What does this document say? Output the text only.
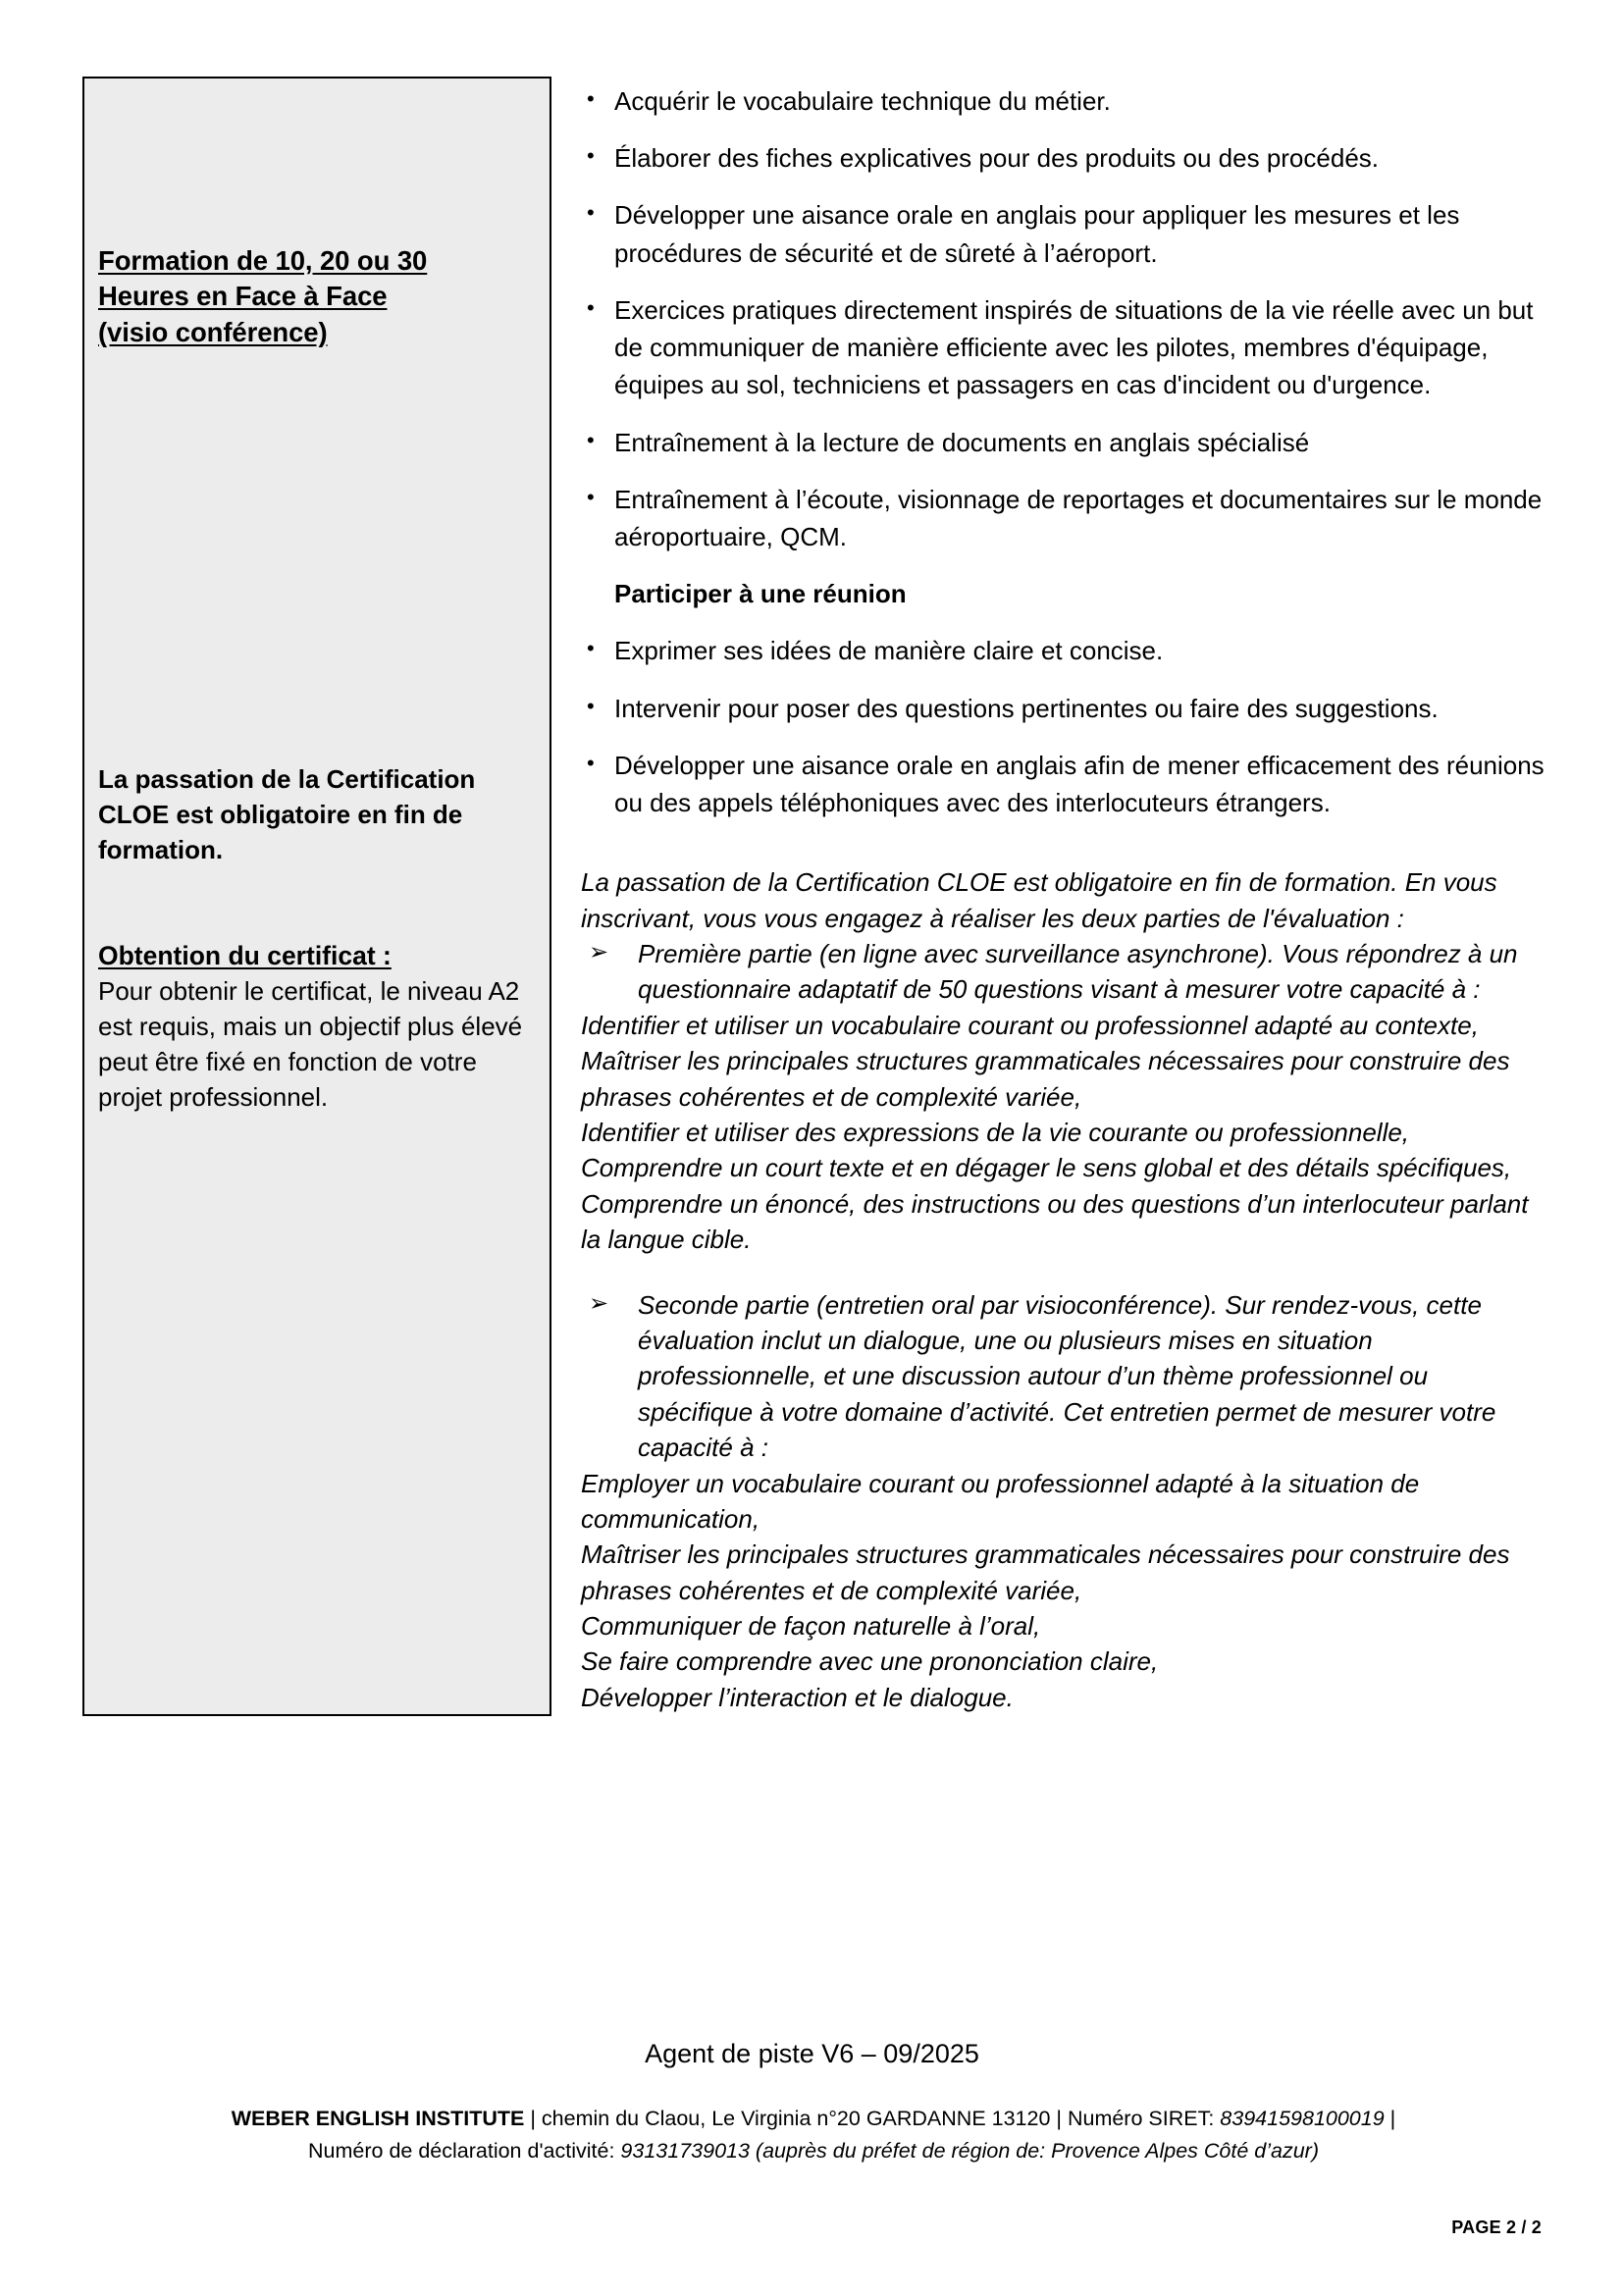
Formation de 10, 20 ou 30
Heures en Face à Face
(visio conférence)
La passation de la Certification CLOE est obligatoire en fin de formation.
Obtention du certificat :
Pour obtenir le certificat, le niveau A2 est requis, mais un objectif plus élevé peut être fixé en fonction de votre projet professionnel.
• Acquérir le vocabulaire technique du métier.
• Élaborer des fiches explicatives pour des produits ou des procédés.
• Développer une aisance orale en anglais pour appliquer les mesures et les procédures de sécurité et de sûreté à l’aéroport.
• Exercices pratiques directement inspirés de situations de la vie réelle avec un but de communiquer de manière efficiente avec les pilotes, membres d'équipage, équipes au sol, techniciens et passagers en cas d'incident ou d'urgence.
• Entraînement à la lecture de documents en anglais spécialisé
• Entraînement à l’écoute, visionnage de reportages et documentaires sur le monde aéroportuaire, QCM.
Participer à une réunion
• Exprimer ses idées de manière claire et concise.
• Intervenir pour poser des questions pertinentes ou faire des suggestions.
• Développer une aisance orale en anglais afin de mener efficacement des réunions ou des appels téléphoniques avec des interlocuteurs étrangers.

La passation de la Certification CLOE est obligatoire en fin de formation. En vous inscrivant, vous vous engagez à réaliser les deux parties de l'évaluation :

➢ Première partie (en ligne avec surveillance asynchrone). Vous répondrez à un questionnaire adaptatif de 50 questions visant à mesurer votre capacité à :

Identifier et utiliser un vocabulaire courant ou professionnel adapté au contexte,
Maîtriser les principales structures grammaticales nécessaires pour construire des phrases cohérentes et de complexité variée,
Identifier et utiliser des expressions de la vie courante ou professionnelle,
Comprendre un court texte et en dégager le sens global et des détails spécifiques,
Comprendre un énoncé, des instructions ou des questions d’un interlocuteur parlant la langue cible.

➢ Seconde partie (entretien oral par visioconférence). Sur rendez-vous, cette évaluation inclut un dialogue, une ou plusieurs mises en situation professionnelle, et une discussion autour d’un thème professionnel ou spécifique à votre domaine d’activité. Cet entretien permet de mesurer votre capacité à :

Employer un vocabulaire courant ou professionnel adapté à la situation de communication,
Maîtriser les principales structures grammaticales nécessaires pour construire des phrases cohérentes et de complexité variée,
Communiquer de façon naturelle à l’oral,
Se faire comprendre avec une prononciation claire,
Développer l’interaction et le dialogue.

Agent de piste V6 – 09/2025
WEBER ENGLISH INSTITUTE | chemin du Claou, Le Virginia n°20 GARDANNE 13120 | Numéro SIRET: 83941598100019 |
Numéro de déclaration d'activité: 93131739013 (auprès du préfet de région de: Provence Alpes Côté d’azur)
PAGE 2 / 2
